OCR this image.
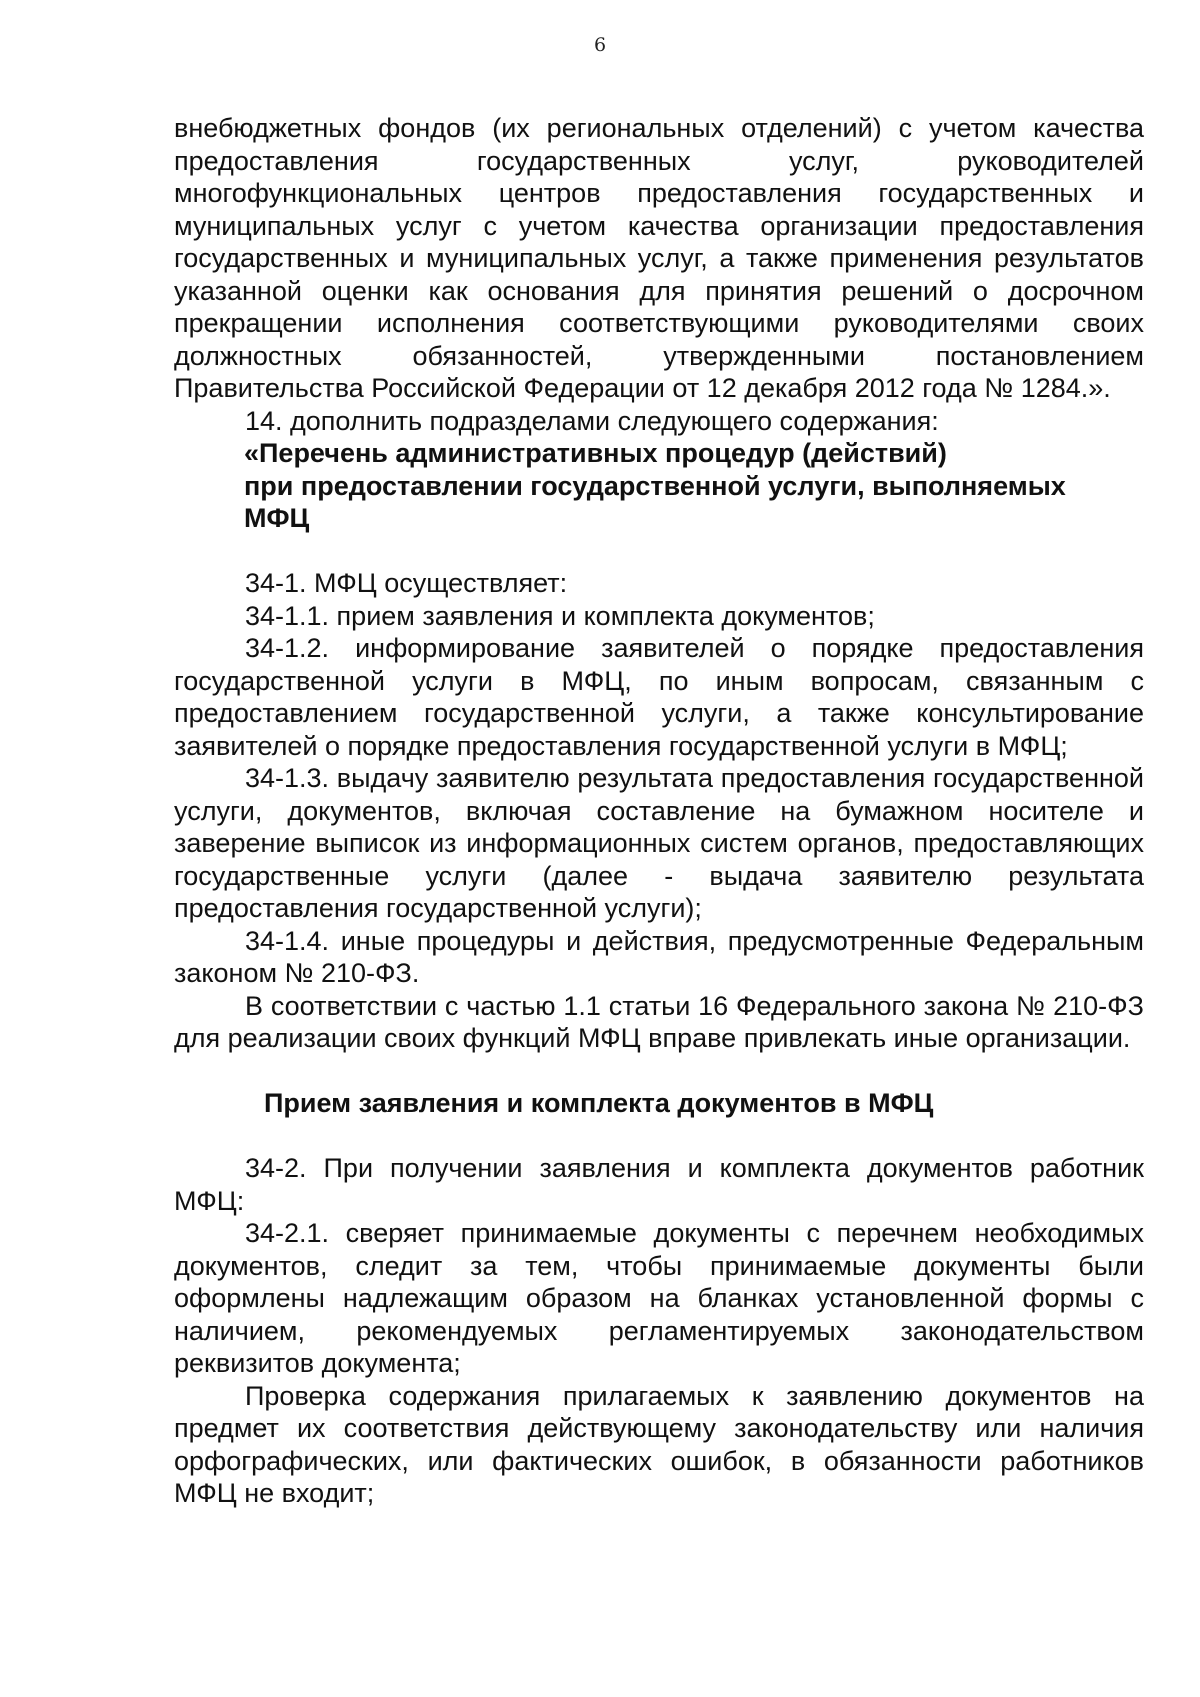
6

внебюджетных фондов (их региональных отделений) с учетом качества предоставления государственных услуг, руководителей многофункциональных центров предоставления государственных и муниципальных услуг с учетом качества организации предоставления государственных и муниципальных услуг, а также применения результатов указанной оценки как основания для принятия решений о досрочном прекращении исполнения соответствующими руководителями своих должностных обязанностей, утвержденными постановлением Правительства Российской Федерации от 12 декабря 2012 года № 1284.».

14. дополнить подразделами следующего содержания:

«Перечень административных процедур (действий)

при предоставлении государственной услуги, выполняемых

МФЦ

34-1. МФЦ осуществляет:

34-1.1. прием заявления и комплекта документов;

34-1.2. информирование заявителей о порядке предоставления государственной услуги в МФЦ, по иным вопросам, связанным с предоставлением государственной услуги, а также консультирование заявителей о порядке предоставления государственной услуги в МФЦ;

34-1.3. выдачу заявителю результата предоставления государственной услуги, документов, включая составление на бумажном носителе и заверение выписок из информационных систем органов, предоставляющих государственные услуги (далее - выдача заявителю результата предоставления государственной услуги);

34-1.4. иные процедуры и действия, предусмотренные Федеральным законом № 210-ФЗ.

В соответствии с частью 1.1 статьи 16 Федерального закона № 210-ФЗ для реализации своих функций МФЦ вправе привлекать иные организации.

Прием заявления и комплекта документов в МФЦ

34-2. При получении заявления и комплекта документов работник МФЦ:

34-2.1. сверяет принимаемые документы с перечнем необходимых документов, следит за тем, чтобы принимаемые документы были оформлены надлежащим образом на бланках установленной формы с наличием, рекомендуемых регламентируемых законодательством реквизитов документа;

Проверка содержания прилагаемых к заявлению документов на предмет их соответствия действующему законодательству или наличия орфографических, или фактических ошибок, в обязанности работников МФЦ не входит;
